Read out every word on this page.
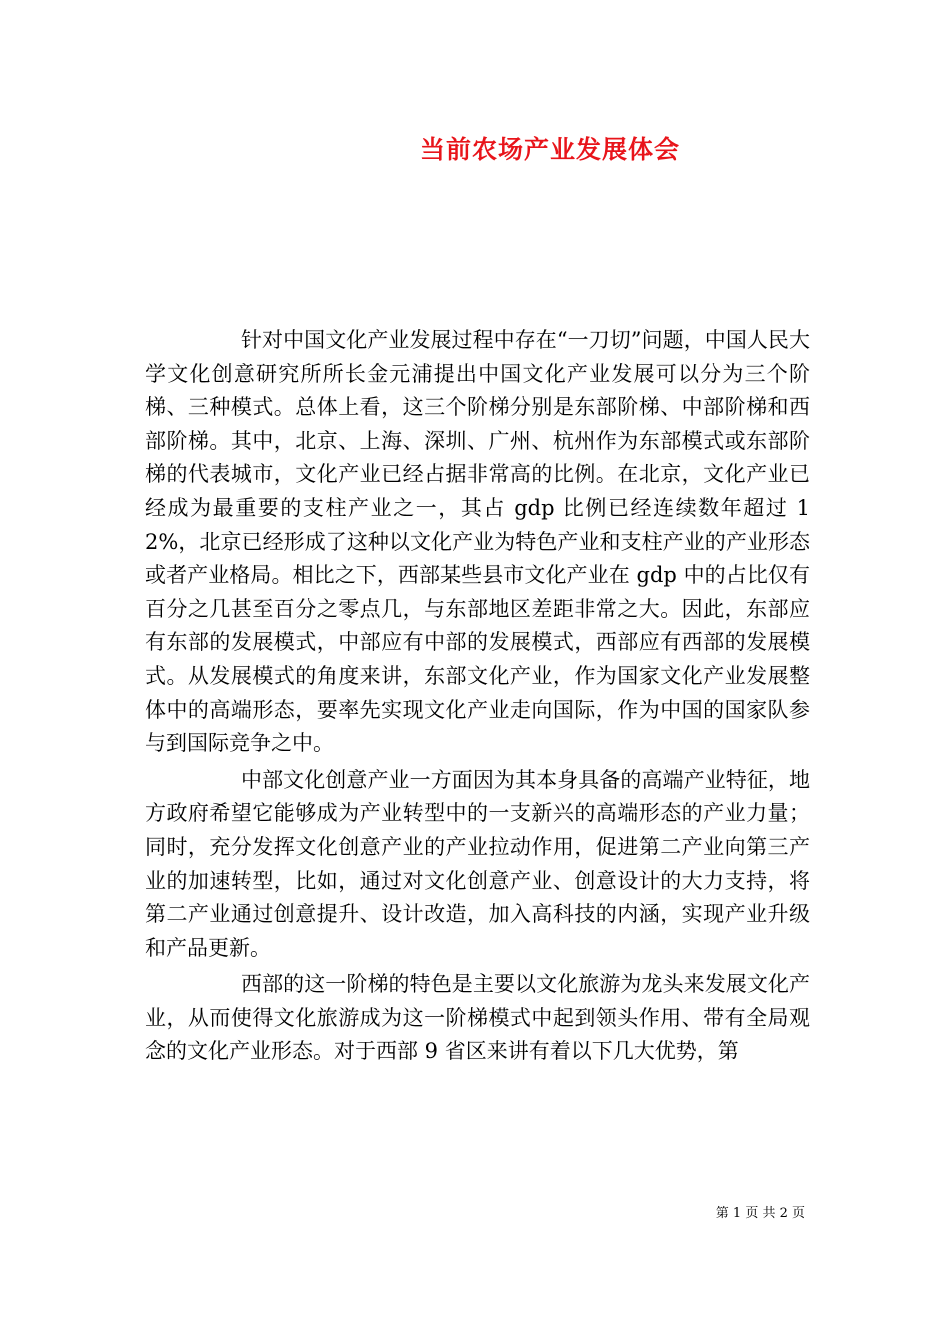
当前农场产业发展体会

针对中国文化产业发展过程中存在“一刀切”问题，中国人民大学文化创意研究所所长金元浦提出中国文化产业发展可以分为三个阶梯、三种模式。总体上看，这三个阶梯分别是东部阶梯、中部阶梯和西部阶梯。其中，北京、上海、深圳、广州、杭州作为东部模式或东部阶梯的代表城市，文化产业已经占据非常高的比例。在北京，文化产业已经成为最重要的支柱产业之一，其占 gdp 比例已经连续数年超过 12%，北京已经形成了这种以文化产业为特色产业和支柱产业的产业形态或者产业格局。相比之下，西部某些县市文化产业在 gdp 中的占比仅有百分之几甚至百分之零点几，与东部地区差距非常之大。因此，东部应有东部的发展模式，中部应有中部的发展模式，西部应有西部的发展模式。从发展模式的角度来讲，东部文化产业，作为国家文化产业发展整体中的高端形态，要率先实现文化产业走向国际，作为中国的国家队参与到国际竞争之中。

中部文化创意产业一方面因为其本身具备的高端产业特征，地方政府希望它能够成为产业转型中的一支新兴的高端形态的产业力量；同时，充分发挥文化创意产业的产业拉动作用，促进第二产业向第三产业的加速转型，比如，通过对文化创意产业、创意设计的大力支持，将第二产业通过创意提升、设计改造，加入高科技的内涵，实现产业升级和产品更新。

西部的这一阶梯的特色是主要以文化旅游为龙头来发展文化产业，从而使得文化旅游成为这一阶梯模式中起到领头作用、带有全局观念的文化产业形态。对于西部 9 省区来讲有着以下几大优势，第

第 1 页 共 2 页
